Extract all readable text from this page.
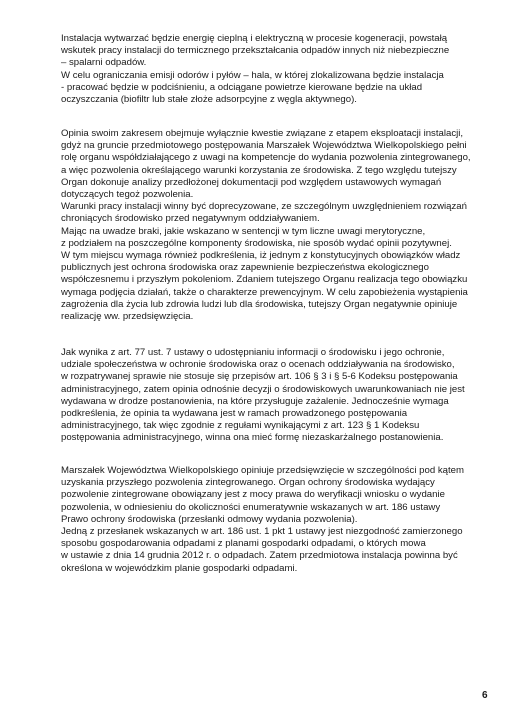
Instalacja wytwarzać będzie energię cieplną i elektryczną w procesie kogeneracji, powstałą
wskutek pracy instalacji do termicznego przekształcania odpadów innych niż niebezpieczne
– spalarni odpadów.
W celu ograniczania emisji odorów i pyłów – hala, w której zlokalizowana będzie instalacja
- pracować będzie w podciśnieniu, a odciągane powietrze kierowane będzie na układ
oczyszczania (biofiltr lub stałe złoże adsorpcyjne z węgla aktywnego).
Opinia swoim zakresem obejmuje wyłącznie kwestie związane z etapem eksploatacji instalacji,
gdyż na gruncie przedmiotowego postępowania Marszałek Województwa Wielkopolskiego pełni
rolę organu współdziałającego z uwagi na kompetencje do wydania pozwolenia zintegrowanego,
a więc pozwolenia określającego warunki korzystania ze środowiska. Z tego względu tutejszy
Organ dokonuje analizy przedłożonej dokumentacji pod względem ustawowych wymagań
dotyczących tegoż pozwolenia.
Warunki pracy instalacji winny być doprecyzowane, ze szczególnym uwzględnieniem rozwiązań
chroniących środowisko przed negatywnym oddziaływaniem.
Mając na uwadze braki, jakie wskazano w sentencji w tym liczne uwagi merytoryczne,
z podziałem na poszczególne komponenty środowiska, nie sposób wydać opinii pozytywnej.
W tym miejscu wymaga również podkreślenia, iż jednym z konstytucyjnych obowiązków władz
publicznych jest ochrona środowiska oraz zapewnienie bezpieczeństwa ekologicznego
współczesnemu i przyszłym pokoleniom. Zdaniem tutejszego Organu realizacja tego obowiązku
wymaga podjęcia działań, także o charakterze prewencyjnym. W celu zapobieżenia wystąpienia
zagrożenia dla życia lub zdrowia ludzi lub dla środowiska, tutejszy Organ negatywnie opiniuje
realizację ww. przedsięwzięcia.
Jak wynika z art. 77 ust. 7 ustawy o udostępnianiu informacji o środowisku i jego ochronie,
udziale społeczeństwa w ochronie środowiska oraz o ocenach oddziaływania na środowisko,
w rozpatrywanej sprawie nie stosuje się przepisów art. 106 § 3 i § 5-6 Kodeksu postępowania
administracyjnego, zatem opinia odnośnie decyzji o środowiskowych uwarunkowaniach nie jest
wydawana w drodze postanowienia, na które przysługuje zażalenie. Jednocześnie wymaga
podkreślenia, że opinia ta wydawana jest w ramach prowadzonego postępowania
administracyjnego, tak więc zgodnie z regułami wynikającymi z art. 123 § 1 Kodeksu
postępowania administracyjnego, winna ona mieć formę niezaskarżalnego postanowienia.
Marszałek Województwa Wielkopolskiego opiniuje przedsięwzięcie w szczególności pod kątem
uzyskania przyszłego pozwolenia zintegrowanego. Organ ochrony środowiska wydający
pozwolenie zintegrowane obowiązany jest z mocy prawa do weryfikacji wniosku o wydanie
pozwolenia, w odniesieniu do okoliczności enumeratywnie wskazanych w art. 186 ustawy
Prawo ochrony środowiska (przesłanki odmowy wydania pozwolenia).
Jedną z przesłanek wskazanych w art. 186 ust. 1 pkt 1 ustawy jest niezgodność zamierzonego
sposobu gospodarowania odpadami z planami gospodarki odpadami, o których mowa
w ustawie z dnia 14 grudnia 2012 r. o odpadach. Zatem przedmiotowa instalacja powinna być
określona w wojewódzkim planie gospodarki odpadami.
6
